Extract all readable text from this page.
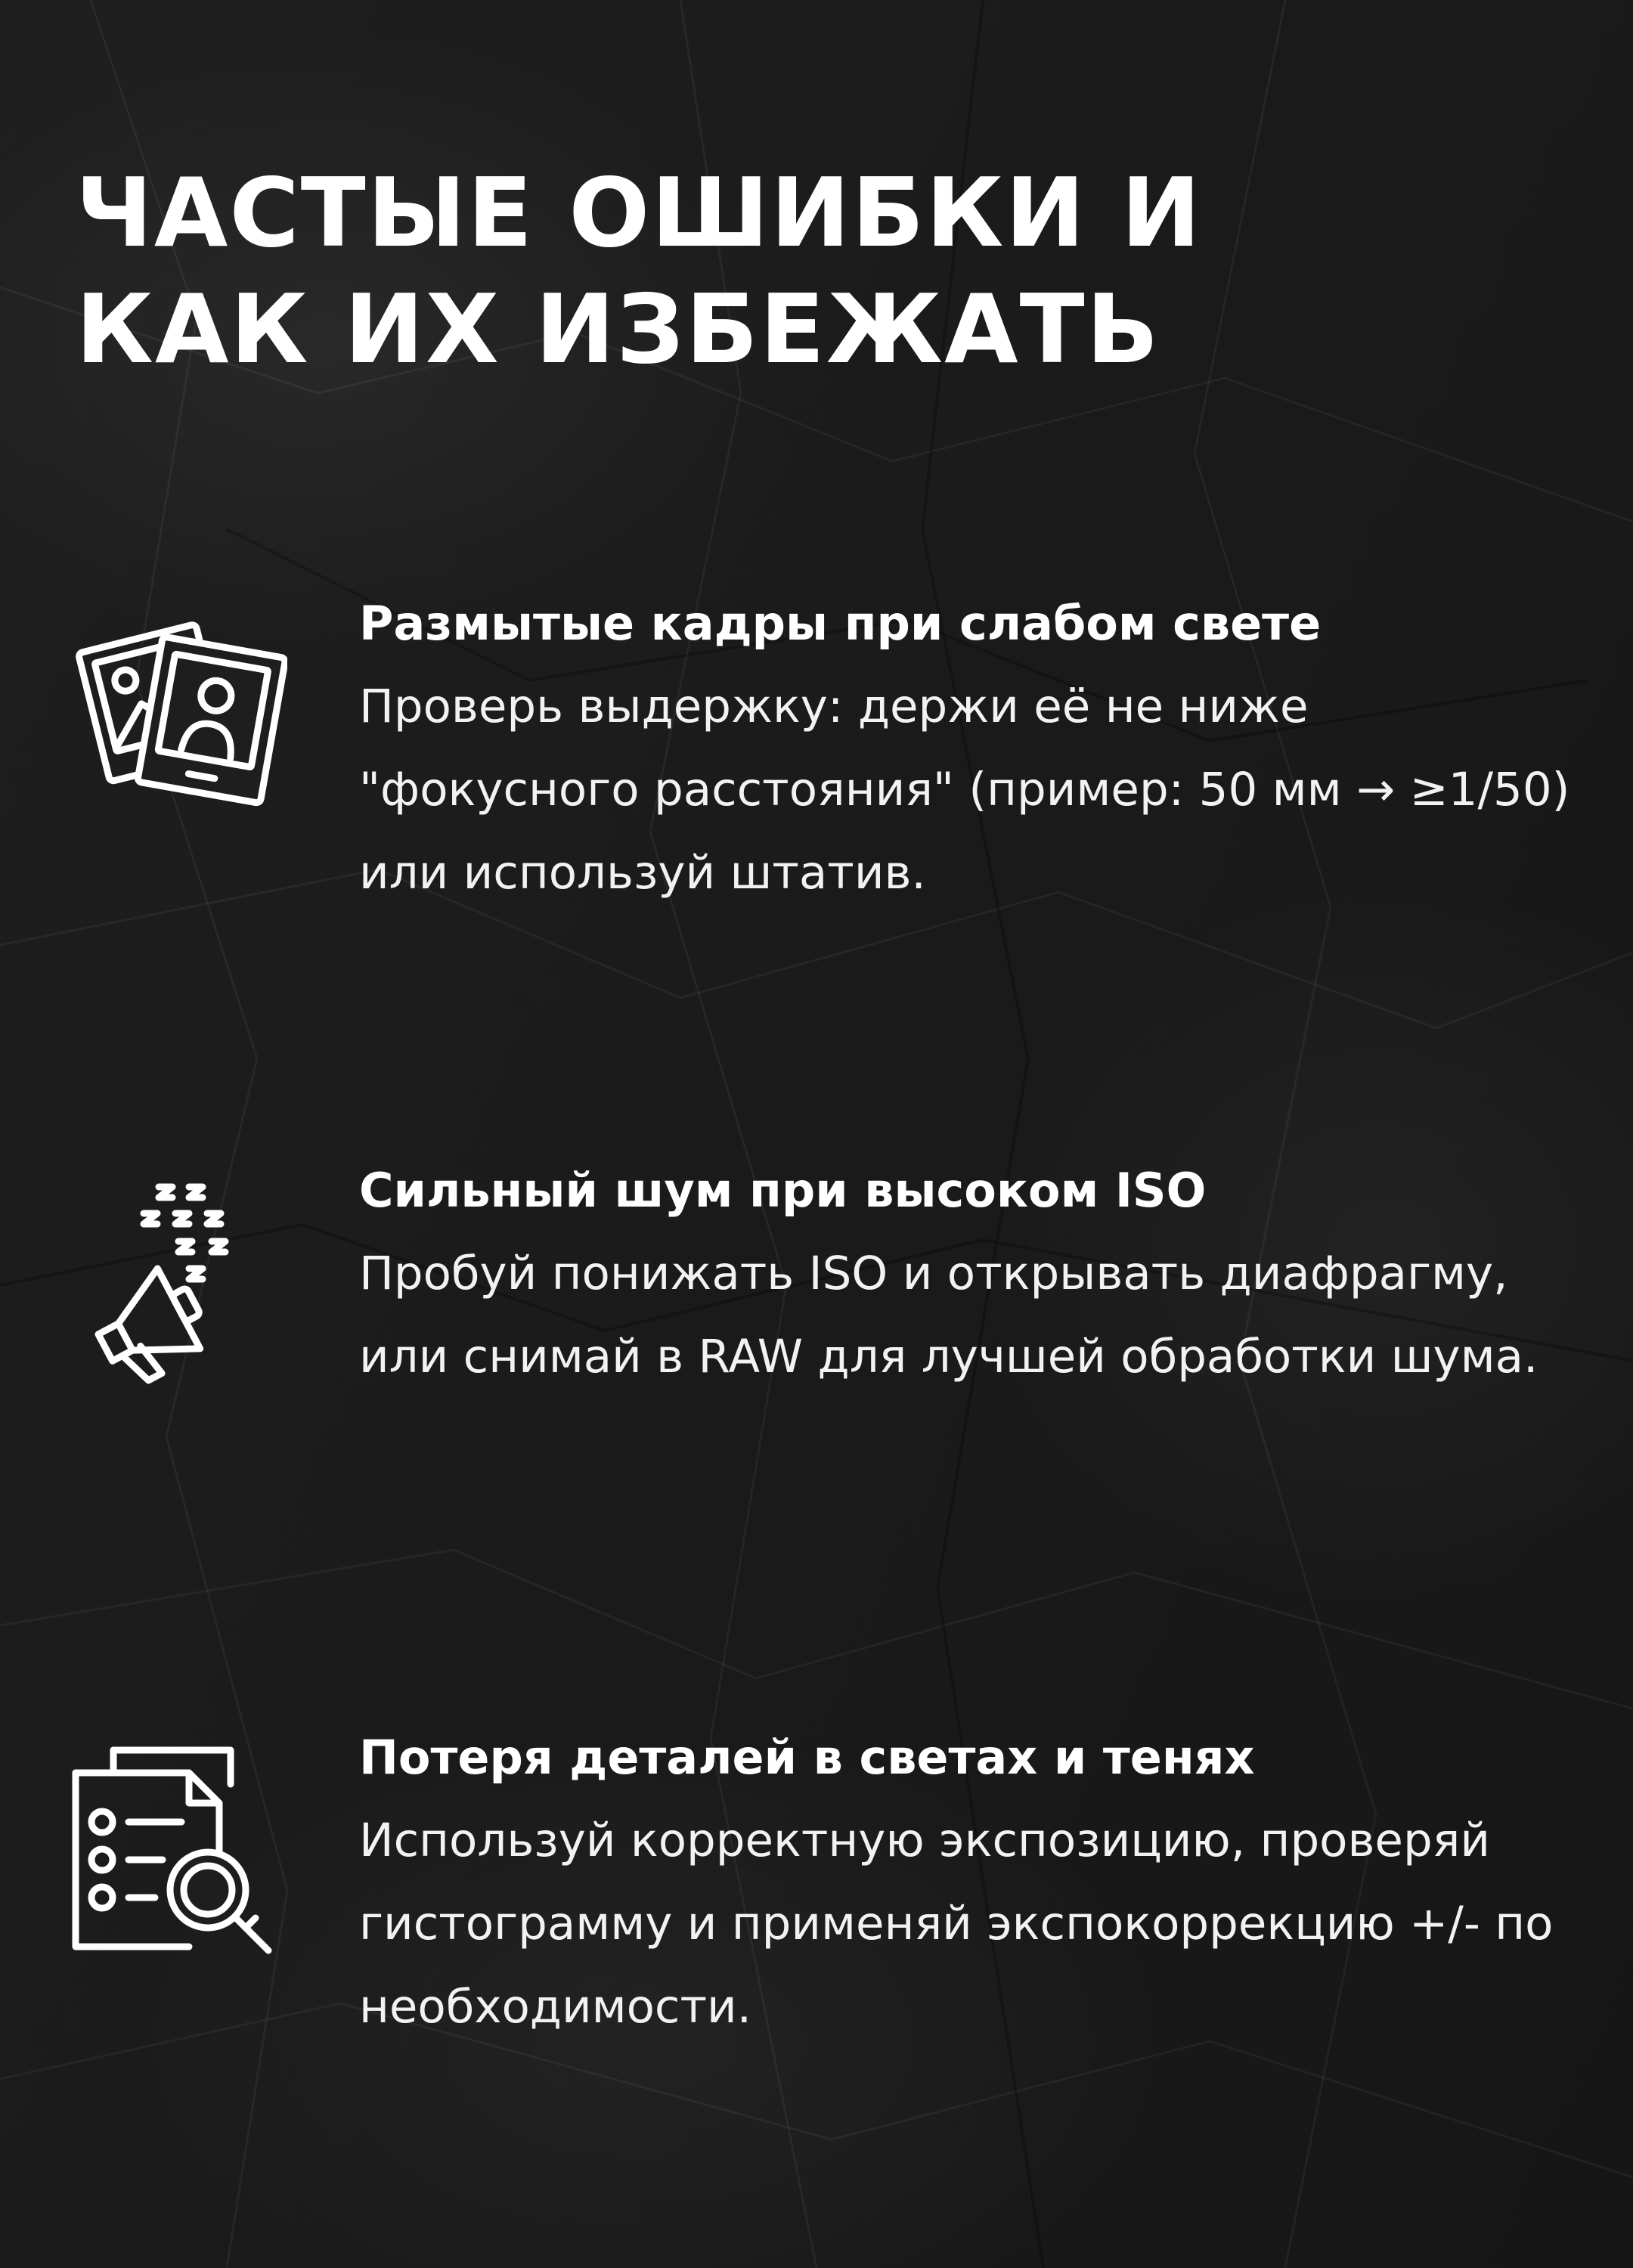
ЧАСТЫЕ ОШИБКИ И
КАК ИХ ИЗБЕЖАТЬ
Размытые кадры при слабом свете
Проверь выдержку: держи её не ниже "фокусного расстояния" (пример: 50 мм → ≥1/50) или используй штатив.
Сильный шум при высоком ISO
Пробуй понижать ISO и открывать диафрагму, или снимай в RAW для лучшей обработки шума.
Потеря деталей в светах и тенях
Используй корректную экспозицию, проверяй гистограмму и применяй экспокоррекцию +/- по необходимости.
